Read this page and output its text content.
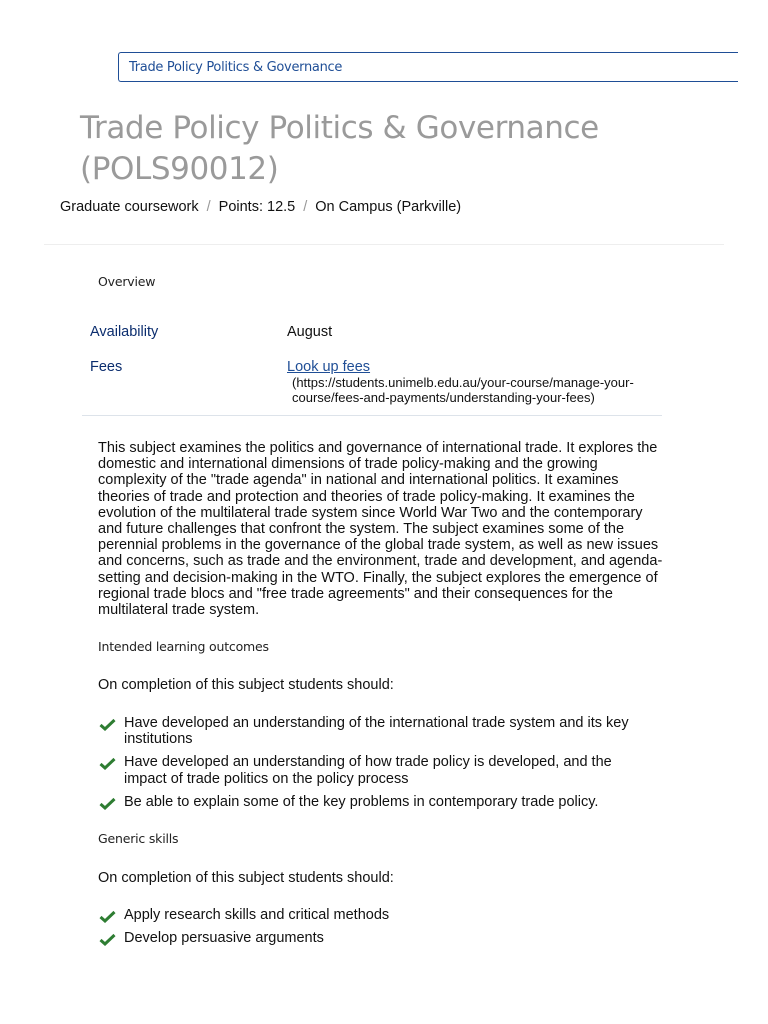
Trade Policy Politics & Governance
Trade Policy Politics & Governance
(POLS90012)
Graduate coursework / Points: 12.5 / On Campus (Parkville)
Overview
Availability	August
Fees	Look up fees
(https://students.unimelb.edu.au/your-course/manage-your-
course/fees-and-payments/understanding-your-fees)

This subject examines the politics and governance of international trade. It explores the domestic and international dimensions of trade policy-making and the growing complexity of the "trade agenda" in national and international politics. It examines theories of trade and protection and theories of trade policy-making. It examines the evolution of the multilateral trade system since World War Two and the contemporary and future challenges that confront the system. The subject examines some of the perennial problems in the governance of the global trade system, as well as new issues and concerns, such as trade and the environment, trade and development, and agenda-setting and decision-making in the WTO. Finally, the subject explores the emergence of regional trade blocs and "free trade agreements" and their consequences for the multilateral trade system.

Intended learning outcomes

On completion of this subject students should:

Have developed an understanding of the international trade system and its key institutions
Have developed an understanding of how trade policy is developed, and the impact of trade politics on the policy process
Be able to explain some of the key problems in contemporary trade policy.
Generic skills

On completion of this subject students should:

Apply research skills and critical methods
Develop persuasive arguments
